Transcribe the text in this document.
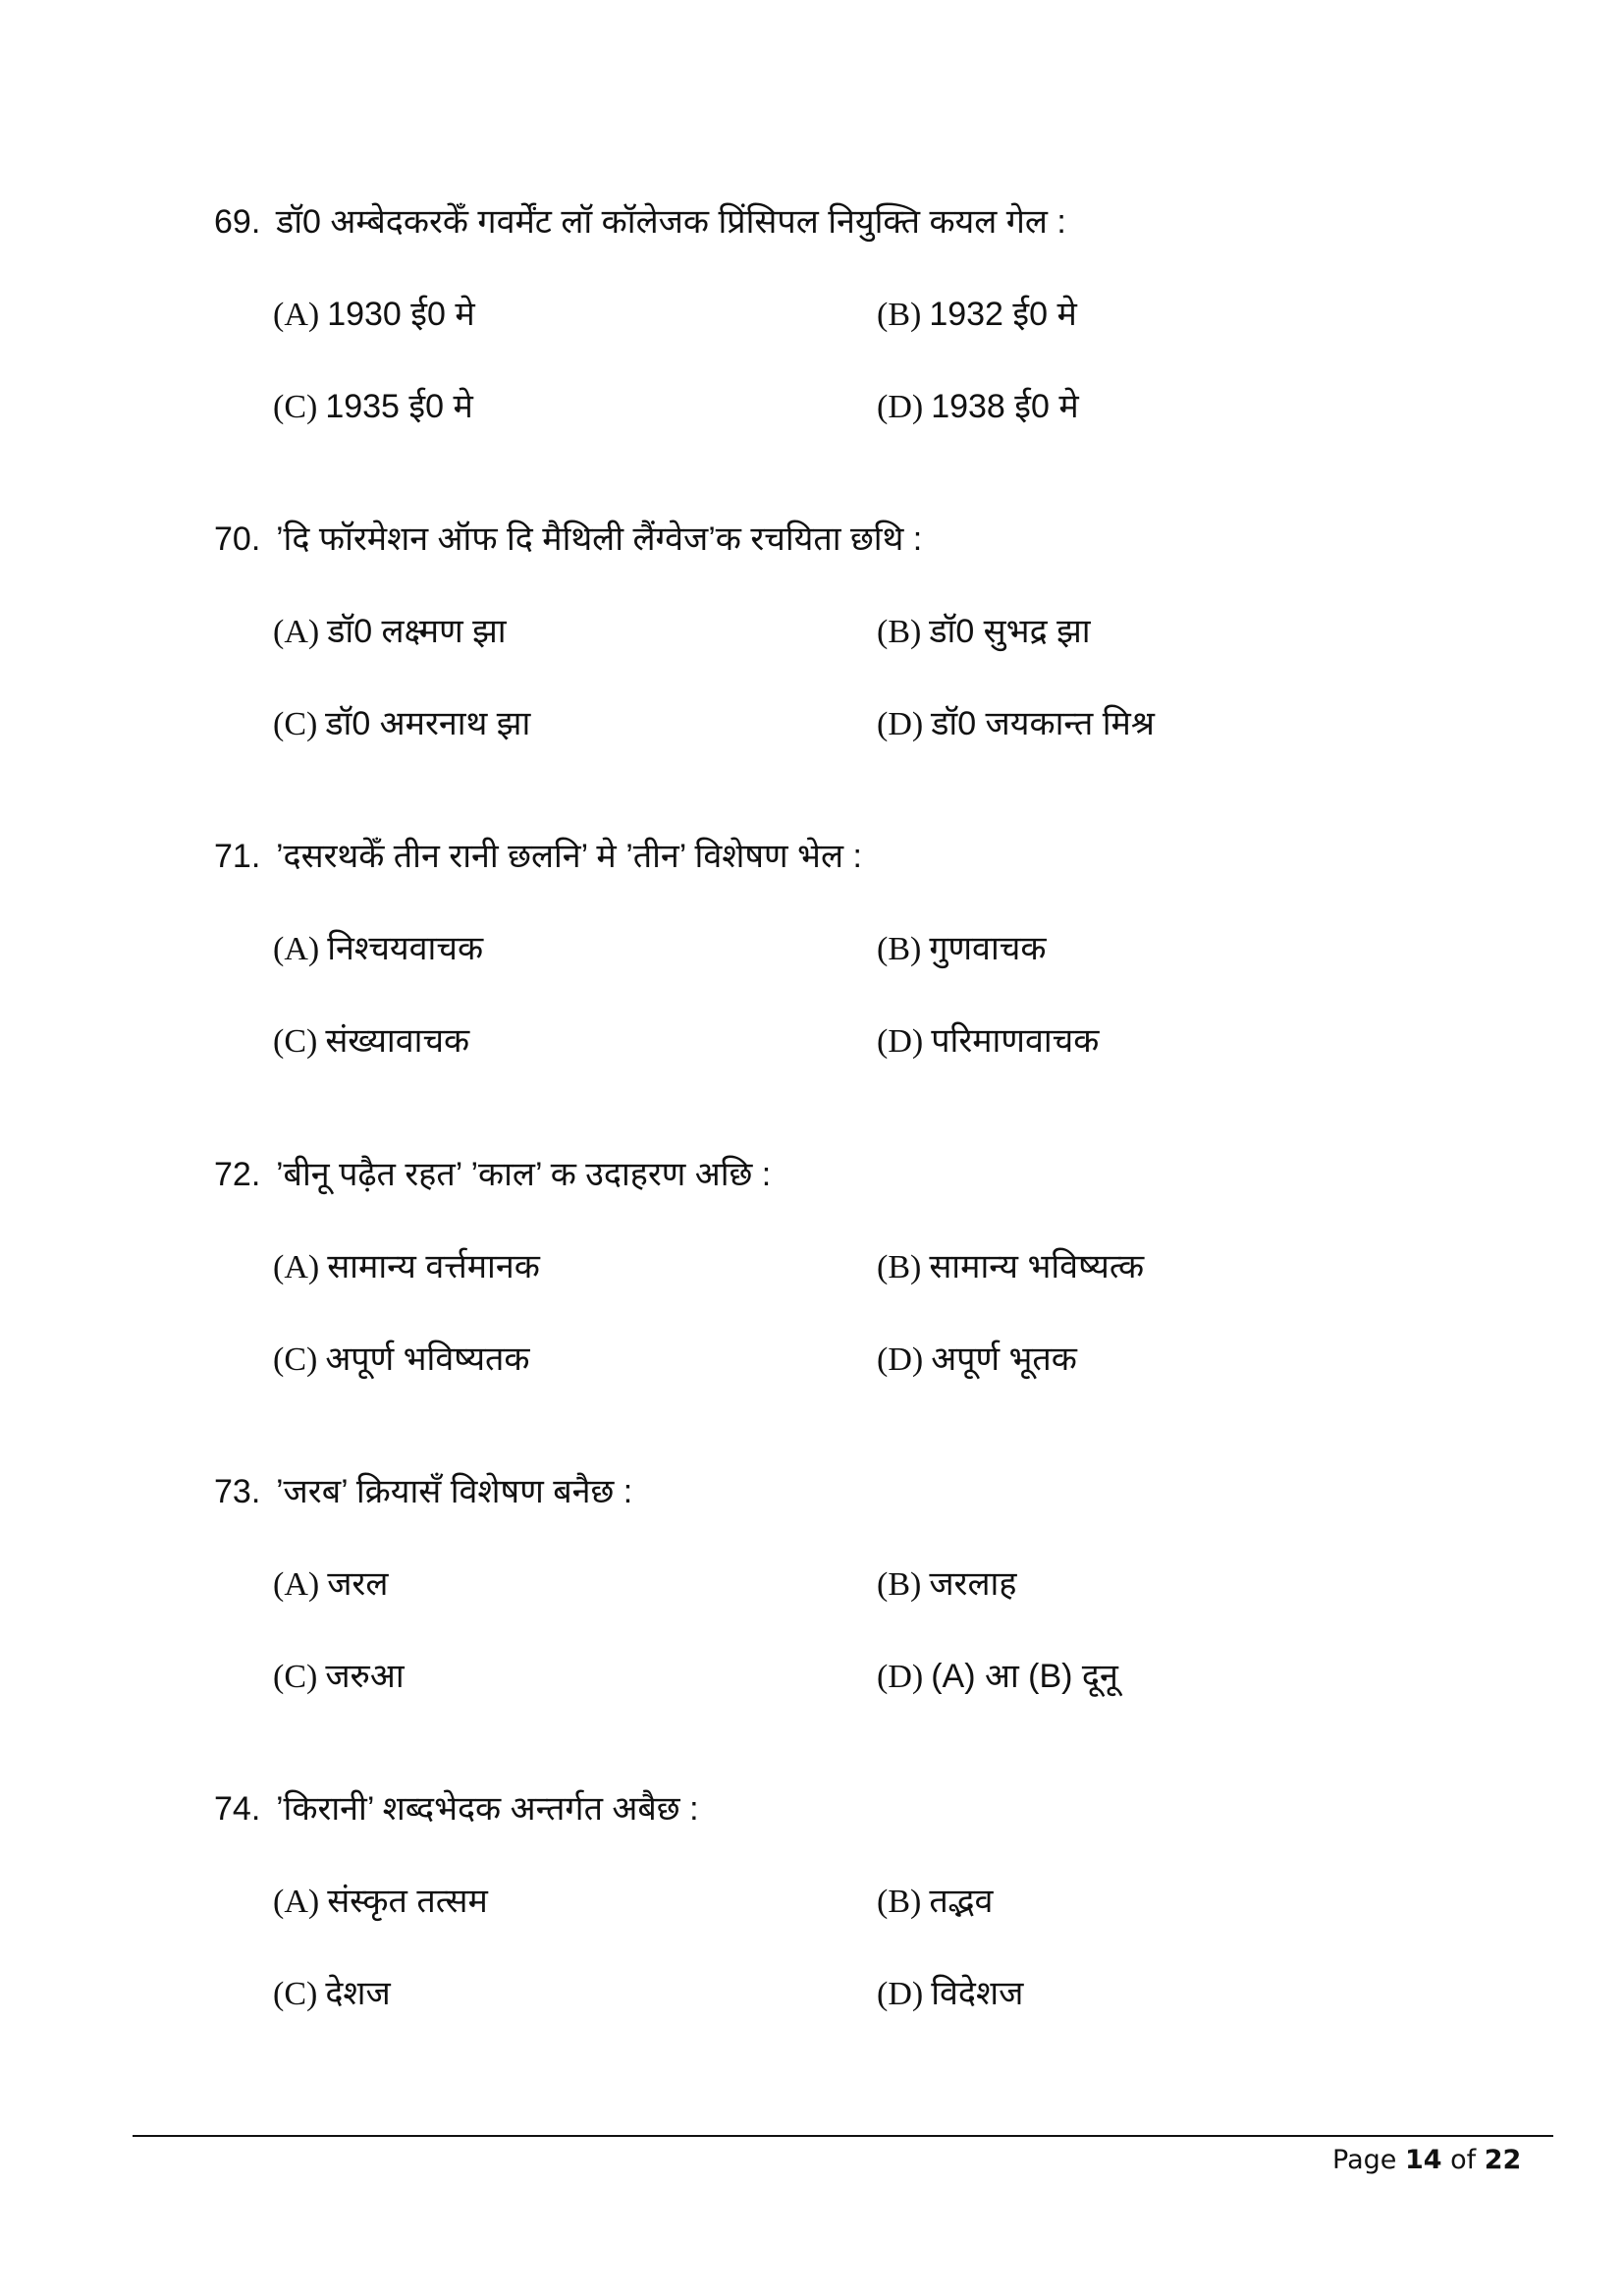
69. डॉ0 अम्बेदकरकेँ गवर्मेंट लॉ कॉलेजक प्रिंसिपल नियुक्ति कयल गेल :
(A) 1930 ई0 मे	(B) 1932 ई0 मे
(C) 1935 ई0 मे	(D) 1938 ई0 मे
70. ’दि फॉरमेशन ऑफ दि मैथिली लैंग्वेज’क रचयिता छथि :
(A) डॉ0 लक्ष्मण झा	(B) डॉ0 सुभद्र झा
(C) डॉ0 अमरनाथ झा	(D) डॉ0 जयकान्त मिश्र
71. ’दसरथकेँ तीन रानी छलनि’ मे ’तीन’ विशेषण भेल :
(A) निश्चयवाचक	(B) गुणवाचक
(C) संख्यावाचक	(D) परिमाणवाचक
72. ’बीनू पढ़ैत रहत’ ’काल’ क उदाहरण अछि :
(A) सामान्य वर्त्तमानक	(B) सामान्य भविष्यत्क
(C) अपूर्ण भविष्यतक	(D) अपूर्ण भूतक
73. ’जरब’ क्रियासँ विशेषण बनैछ :
(A) जरल	(B) जरलाह
(C) जरुआ	(D) (A) आ (B) दूनू
74. ’किरानी’ शब्दभेदक अन्तर्गत अबैछ :
(A) संस्कृत तत्सम	(B) तद्भव
(C) देशज	(D) विदेशज
Page 14 of 22
